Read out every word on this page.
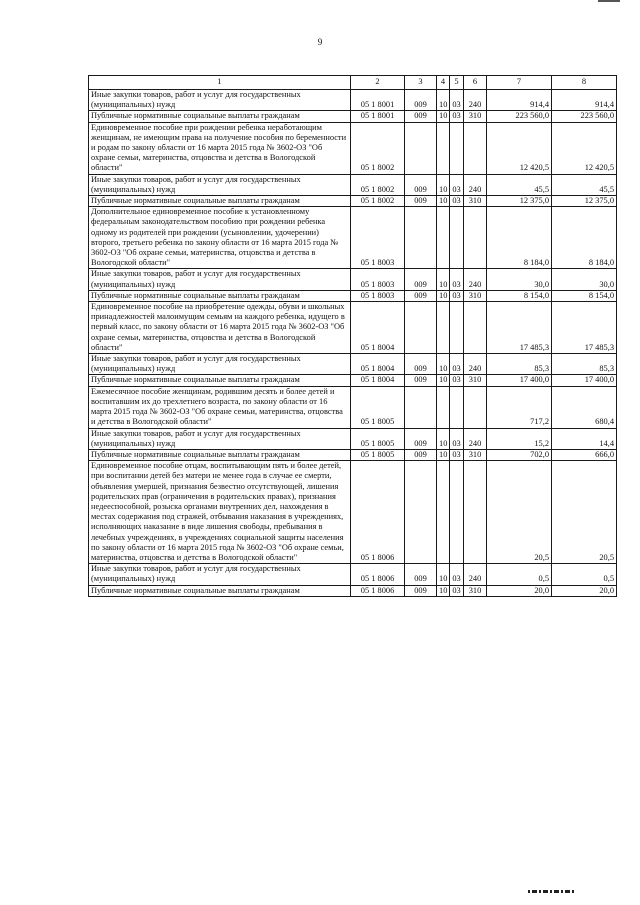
9
1	2	3	4	5	6	7	8
Иные закупки товаров, работ и услуг для государственных (муниципальных) нужд	05 1 8001	009	10	03	240	914,4	914,4
Публичные нормативные социальные выплаты гражданам	05 1 8001	009	10	03	310	223 560,0	223 560,0
Единовременное пособие при рождении ребенка неработающим женщинам, не имеющим права на получение пособия по беременности и родам по закону области от 16 марта 2015 года № 3602-ОЗ "Об охране семьи, материнства, отцовства и детства в Вологодской области"	05 1 8002					12 420,5	12 420,5
Иные закупки товаров, работ и услуг для государственных (муниципальных) нужд	05 1 8002	009	10	03	240	45,5	45,5
Публичные нормативные социальные выплаты гражданам	05 1 8002	009	10	03	310	12 375,0	12 375,0
Дополнительное единовременное пособие к установленному федеральным законодательством пособию при рождении ребенка одному из родителей при рождении (усыновлении, удочерении) второго, третьего ребенка по закону области от 16 марта 2015 года № 3602-ОЗ "Об охране семьи, материнства, отцовства и детства в Вологодской области"	05 1 8003					8 184,0	8 184,0
Иные закупки товаров, работ и услуг для государственных (муниципальных) нужд	05 1 8003	009	10	03	240	30,0	30,0
Публичные нормативные социальные выплаты гражданам	05 1 8003	009	10	03	310	8 154,0	8 154,0
Единовременное пособие на приобретение одежды, обуви и школьных принадлежностей малоимущим семьям на каждого ребенка, идущего в первый класс, по закону области от 16 марта 2015 года № 3602-ОЗ "Об охране семьи, материнства, отцовства и детства в Вологодской области"	05 1 8004					17 485,3	17 485,3
Иные закупки товаров, работ и услуг для государственных (муниципальных) нужд	05 1 8004	009	10	03	240	85,3	85,3
Публичные нормативные социальные выплаты гражданам	05 1 8004	009	10	03	310	17 400,0	17 400,0
Ежемесячное пособие женщинам, родившим десять и более детей и воспитавшим их до трехлетнего возраста, по закону области от 16 марта 2015 года № 3602-ОЗ "Об охране семьи, материнства, отцовства и детства в Вологодской области"	05 1 8005					717,2	680,4
Иные закупки товаров, работ и услуг для государственных (муниципальных) нужд	05 1 8005	009	10	03	240	15,2	14,4
Публичные нормативные социальные выплаты гражданам	05 1 8005	009	10	03	310	702,0	666,0
Единовременное пособие отцам, воспитывающим пять и более детей, при воспитании детей без матери не менее года в случае ее смерти, объявления умершей, признания безвестно отсутствующей, лишения родительских прав (ограничения в родительских правах), признания недееспособной, розыска органами внутренних дел, нахождения в местах содержания под стражей, отбывания наказания в учреждениях, исполняющих наказание в виде лишения свободы, пребывания в лечебных учреждениях, в учреждениях социальной защиты населения по закону области от 16 марта 2015 года № 3602-ОЗ "Об охране семьи, материнства, отцовства и детства в Вологодской области"	05 1 8006					20,5	20,5
Иные закупки товаров, работ и услуг для государственных (муниципальных) нужд	05 1 8006	009	10	03	240	0,5	0,5
Публичные нормативные социальные выплаты гражданам	05 1 8006	009	10	03	310	20,0	20,0
